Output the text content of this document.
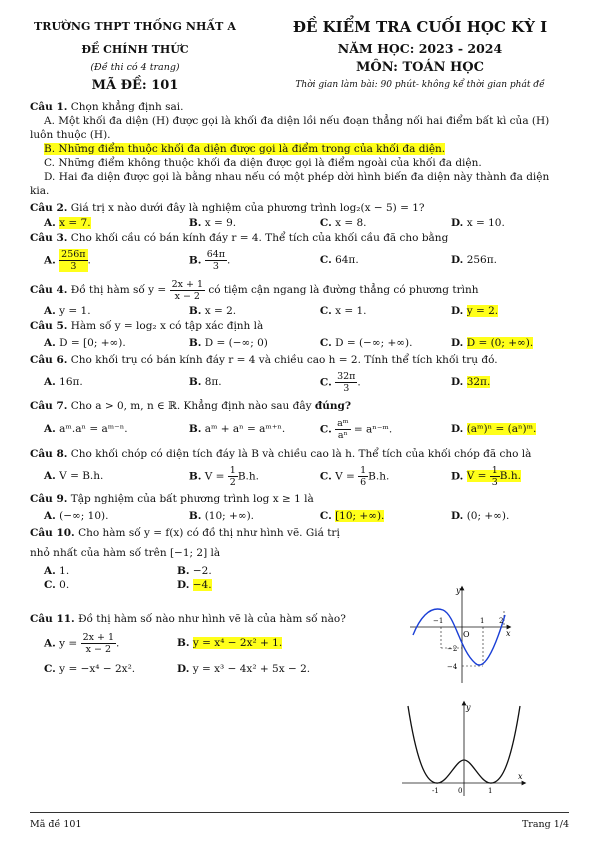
TRƯỜNG THPT THỐNG NHẤT A
ĐỀ CHÍNH THỨC
(Đề thi có 4 trang)
MÃ ĐỀ: 101
ĐỀ KIỂM TRA CUỐI HỌC KỲ I
NĂM HỌC: 2023 - 2024
MÔN: TOÁN HỌC
Thời gian làm bài: 90 phút- không kể thời gian phát đề
Câu 1. Chọn khẳng định sai.
A. Một khối đa diện (H) được gọi là khối đa diện lồi nếu đoạn thẳng nối hai điểm bất kì của (H)
luôn thuộc (H).
B. Những điểm thuộc khối đa diện được gọi là điểm trong của khối đa diện.
C. Những điểm không thuộc khối đa diện được gọi là điểm ngoài của khối đa diện.
D. Hai đa diện được gọi là bằng nhau nếu có một phép dời hình biến đa diện này thành đa diện
kia.
Câu 2. Giá trị x nào dưới đây là nghiệm của phương trình log₂(x − 5) = 1?
A. x = 7.	B. x = 9.	C. x = 8.	D. x = 10.
Câu 3. Cho khối cầu có bán kính đáy r = 4. Thể tích của khối cầu đã cho bằng
A. $\frac{256\pi}{3}$ .	B. $\frac{64\pi}{3}$ .	C. 64π.	D. 256π.
Câu 4.
Đồ thị hàm số y =
$\frac{2x + 1}{x - 2}$
có tiệm cận ngang là đường thẳng có phương trình
A. y = 1.	B. x = 2.	C. x = 1.	D. y = 2.
Câu 5. Hàm số y = log₂ x có tập xác định là
A. D = [0; +∞).	B. D = (−∞; 0)	C. D = (−∞; +∞).	D. D = (0; +∞).
Câu 6. Cho khối trụ có bán kính đáy r = 4 và chiều cao h = 2. Tính thể tích khối trụ đó.
A. 16π.	B. 8π.	C. $\frac{32\pi}{3}$ .	D. 32π.
Câu 7. Cho a > 0, m, n ∈ ℝ. Khẳng định nào sau đây đúng?
A. aᵐ.aⁿ = aᵐ⁻ⁿ.	B. aᵐ + aⁿ = aᵐ⁺ⁿ.	C. $\frac{\text{aᵐ}}{\text{aⁿ}}$ = aⁿ⁻ᵐ.	D. (aᵐ)ⁿ = (aⁿ)ᵐ.
Câu 8. Cho khối chóp có diện tích đáy là B và chiều cao là h. Thể tích của khối chóp đã cho là
A. V = B.h.	B. $V = \frac{1}{2} B.h$.	C. $V = \frac{1}{6} B.h$.	D. $V = \frac{1}{3} B.h$.
Câu 9. Tập nghiệm của bất phương trình log x ≥ 1 là
A. (−∞; 10).	B. (10; +∞).	C. [10; +∞).	D. (0; +∞).
Câu 10. Cho hàm số y = f(x) có đồ thị như hình vẽ. Giá trị
nhỏ nhất của hàm số trên [−1; 2] là
A. 1.	B. −2.
C. 0.	D. −4.
Câu 11. Đồ thị hàm số nào như hình vẽ là của hàm số nào?
A. $y = \frac{2x + 1}{x - 2}$ .	B. y = x⁴ − 2x² + 1.
C. y = −x⁴ − 2x².	D. y = x³ − 4x² + 5x − 2.
y
x
O
−1	1 2
−2
−4
y
x
0
-1	1
Mã đề 101	Trang 1/4
